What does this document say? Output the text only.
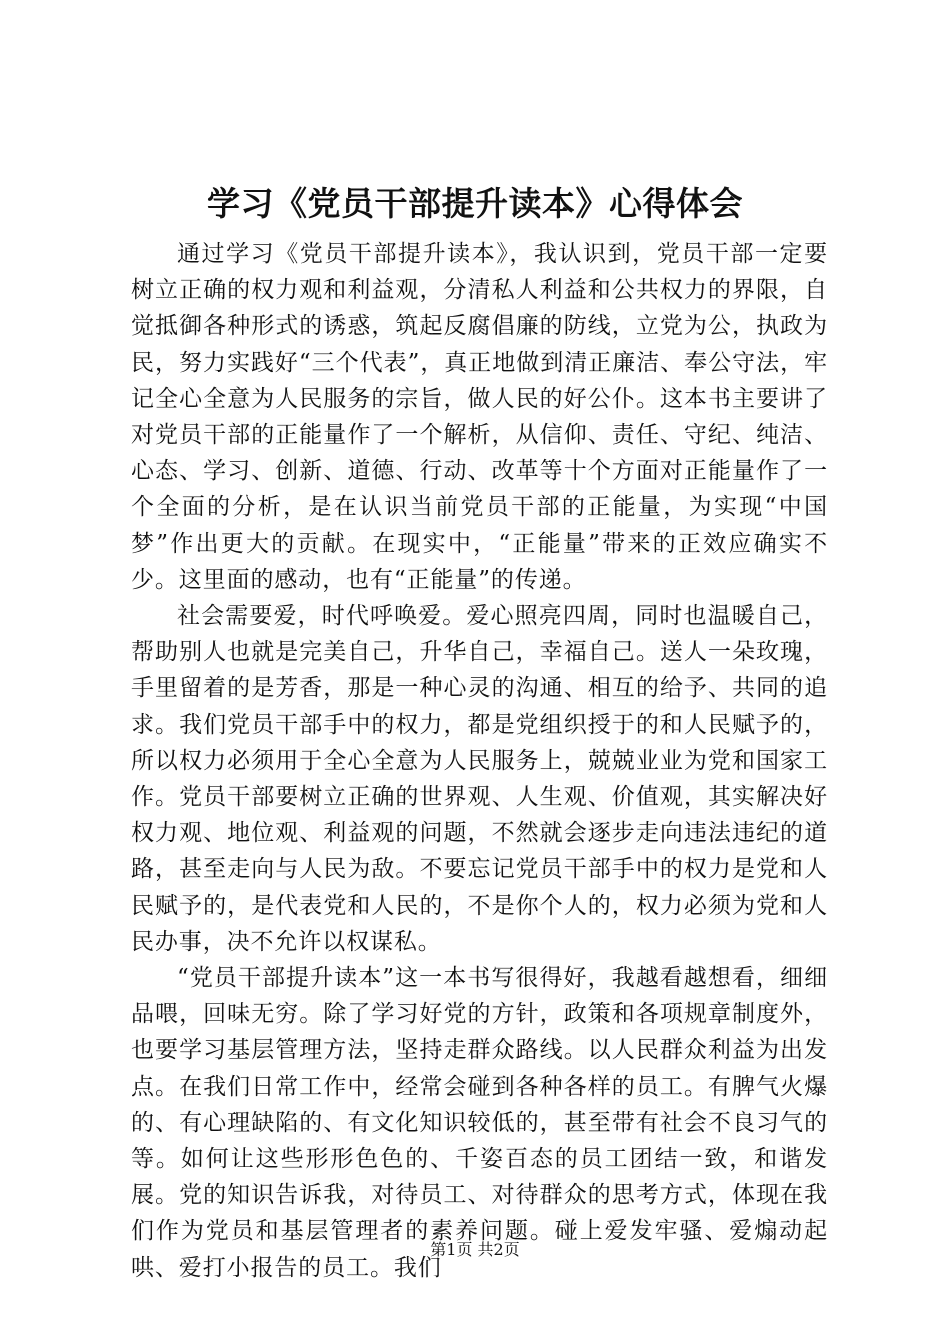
学习《党员干部提升读本》心得体会

通过学习《党员干部提升读本》，我认识到，党员干部一定要树立正确的权力观和利益观，分清私人利益和公共权力的界限，自觉抵御各种形式的诱惑，筑起反腐倡廉的防线，立党为公，执政为民，努力实践好“三个代表”，真正地做到清正廉洁、奉公守法，牢记全心全意为人民服务的宗旨，做人民的好公仆。这本书主要讲了对党员干部的正能量作了一个解析，从信仰、责任、守纪、纯洁、心态、学习、创新、道德、行动、改革等十个方面对正能量作了一个全面的分析，是在认识当前党员干部的正能量，为实现“中国梦”作出更大的贡献。在现实中，“正能量”带来的正效应确实不少。这里面的感动，也有“正能量”的传递。

社会需要爱，时代呼唤爱。爱心照亮四周，同时也温暖自己，帮助别人也就是完美自己，升华自己，幸福自己。送人一朵玫瑰，手里留着的是芳香，那是一种心灵的沟通、相互的给予、共同的追求。我们党员干部手中的权力，都是党组织授于的和人民赋予的，所以权力必须用于全心全意为人民服务上，兢兢业业为党和国家工作。党员干部要树立正确的世界观、人生观、价值观，其实解决好权力观、地位观、利益观的问题，不然就会逐步走向违法违纪的道路，甚至走向与人民为敌。不要忘记党员干部手中的权力是党和人民赋予的，是代表党和人民的，不是你个人的，权力必须为党和人民办事，决不允许以权谋私。

“党员干部提升读本”这一本书写很得好，我越看越想看，细细品喂，回味无穷。除了学习好党的方针，政策和各项规章制度外，也要学习基层管理方法，坚持走群众路线。以人民群众利益为出发点。在我们日常工作中，经常会碰到各种各样的员工。有脾气火爆的、有心理缺陷的、有文化知识较低的，甚至带有社会不良习气的等。如何让这些形形色色的、千姿百态的员工团结一致，和谐发展。党的知识告诉我，对待员工、对待群众的思考方式，体现在我们作为党员和基层管理者的素养问题。碰上爱发牢骚、爱煽动起哄、爱打小报告的员工。我们

第1页 共2页
